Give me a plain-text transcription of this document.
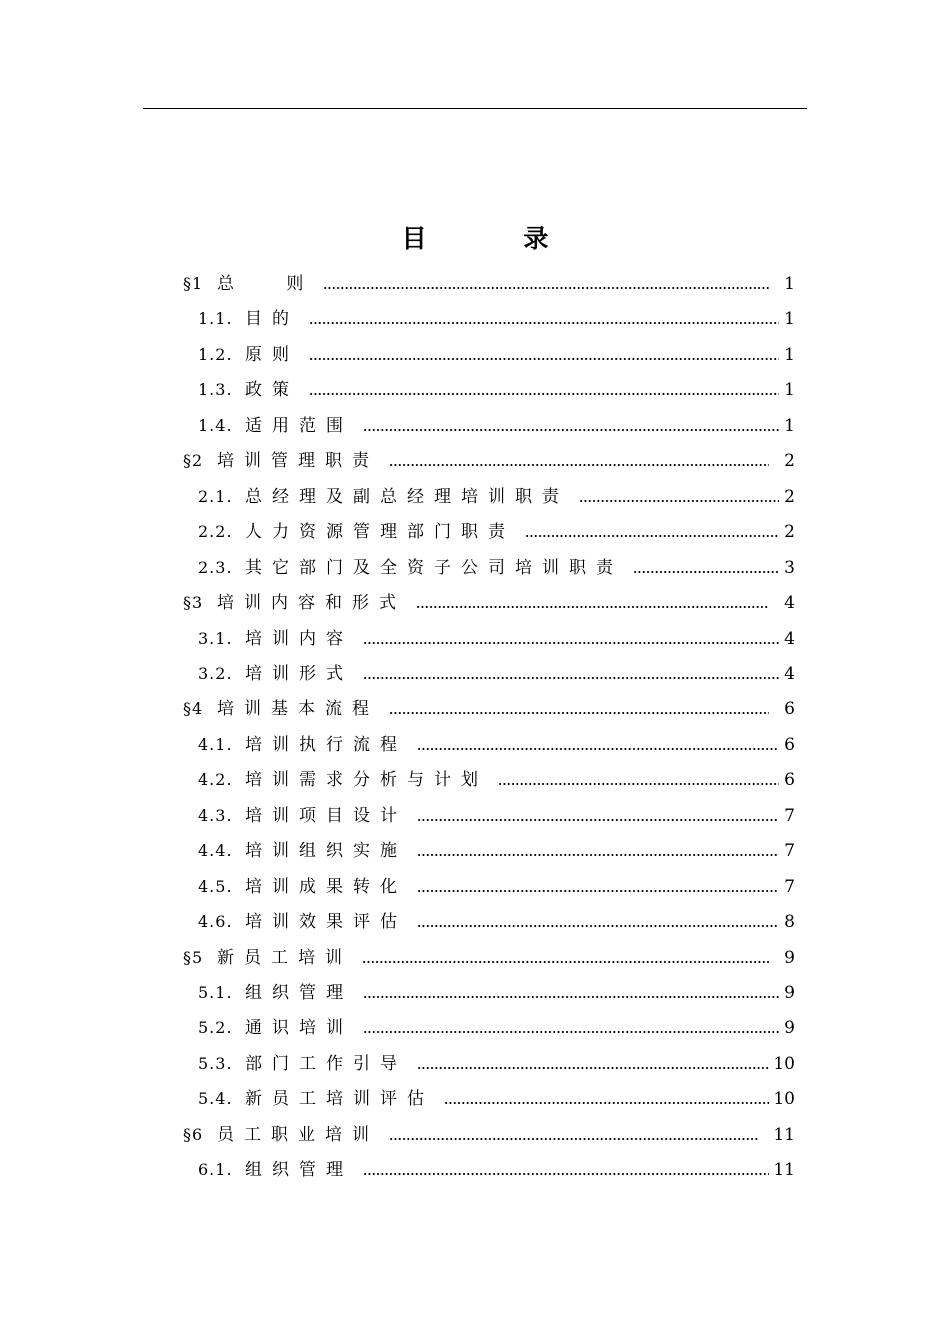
目 录
§1 总 　则	1
1.1. 目的	1
1.2. 原则	1
1.3. 政策	1
1.4. 适用范围	1
§2 培训管理职责	2
2.1. 总经理及副总经理培训职责	2
2.2. 人力资源管理部门职责	2
2.3. 其它部门及全资子公司培训职责	3
§3 培训内容和形式	4
3.1. 培训内容	4
3.2. 培训形式	4
§4 培训基本流程	6
4.1. 培训执行流程	6
4.2. 培训需求分析与计划	6
4.3. 培训项目设计	7
4.4. 培训组织实施	7
4.5. 培训成果转化	7
4.6. 培训效果评估	8
§5 新员工培训	9
5.1. 组织管理	9
5.2. 通识培训	9
5.3. 部门工作引导	10
5.4. 新员工培训评估	10
§6 员工职业培训	11
6.1. 组织管理	11
